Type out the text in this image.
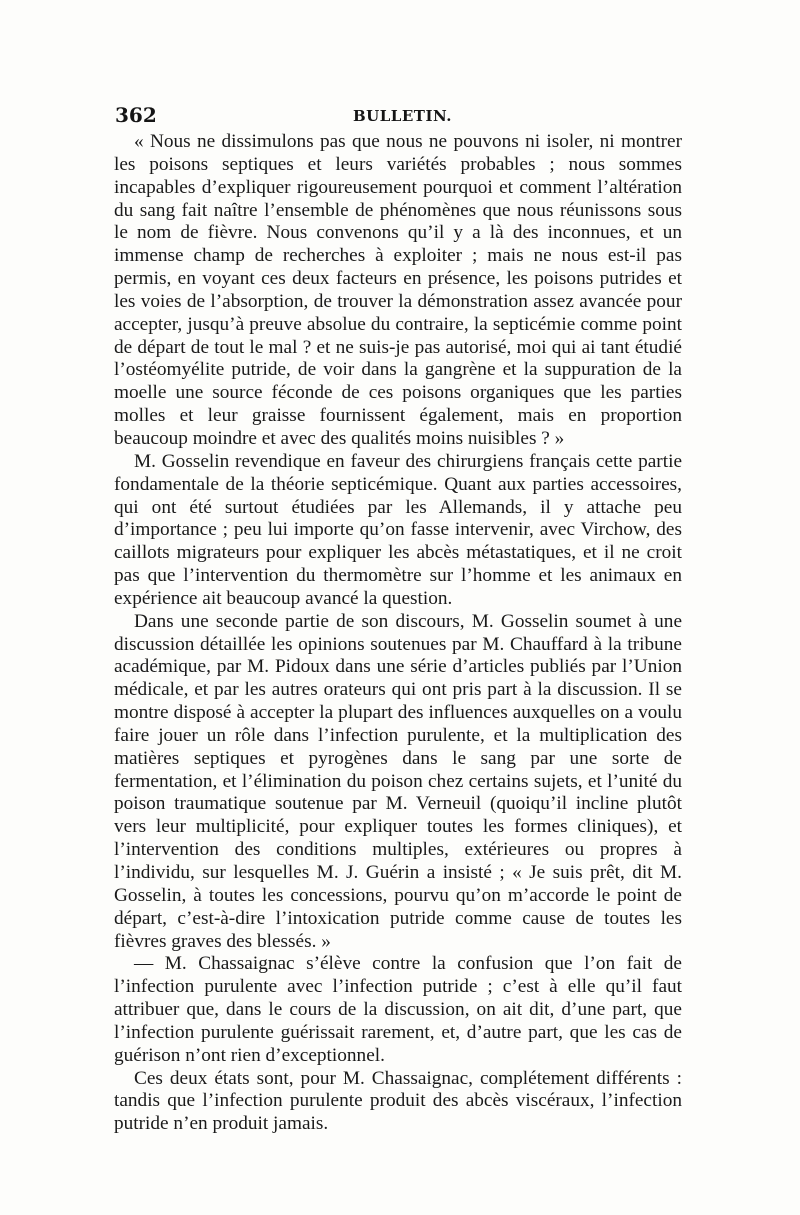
362	BULLETIN.

« Nous ne dissimulons pas que nous ne pouvons ni isoler, ni montrer les poisons septiques et leurs variétés probables ; nous sommes incapables d’expliquer rigoureusement pourquoi et comment l’altération du sang fait naître l’ensemble de phénomènes que nous réunissons sous le nom de fièvre. Nous convenons qu’il y a là des inconnues, et un immense champ de recherches à exploiter ; mais ne nous est-il pas permis, en voyant ces deux facteurs en présence, les poisons putrides et les voies de l’absorption, de trouver la démonstration assez avancée pour accepter, jusqu’à preuve absolue du contraire, la septicémie comme point de départ de tout le mal ? et ne suis-je pas autorisé, moi qui ai tant étudié l’ostéomyélite putride, de voir dans la gangrène et la suppuration de la moelle une source féconde de ces poisons organiques que les parties molles et leur graisse fournissent également, mais en proportion beaucoup moindre et avec des qualités moins nuisibles ? »

M. Gosselin revendique en faveur des chirurgiens français cette partie fondamentale de la théorie septicémique. Quant aux parties accessoires, qui ont été surtout étudiées par les Allemands, il y attache peu d’importance ; peu lui importe qu’on fasse intervenir, avec Virchow, des caillots migrateurs pour expliquer les abcès métastatiques, et il ne croit pas que l’intervention du thermomètre sur l’homme et les animaux en expérience ait beaucoup avancé la question.

Dans une seconde partie de son discours, M. Gosselin soumet à une discussion détaillée les opinions soutenues par M. Chauffard à la tribune académique, par M. Pidoux dans une série d’articles publiés par l’Union médicale, et par les autres orateurs qui ont pris part à la discussion. Il se montre disposé à accepter la plupart des influences auxquelles on a voulu faire jouer un rôle dans l’infection purulente, et la multiplication des matières septiques et pyrogènes dans le sang par une sorte de fermentation, et l’élimination du poison chez certains sujets, et l’unité du poison traumatique soutenue par M. Verneuil (quoiqu’il incline plutôt vers leur multiplicité, pour expliquer toutes les formes cliniques), et l’intervention des conditions multiples, extérieures ou propres à l’individu, sur lesquelles M. J. Guérin a insisté ; « Je suis prêt, dit M. Gosselin, à toutes les concessions, pourvu qu’on m’accorde le point de départ, c’est-à-dire l’intoxication putride comme cause de toutes les fièvres graves des blessés. »

— M. Chassaignac s’élève contre la confusion que l’on fait de l’infection purulente avec l’infection putride ; c’est à elle qu’il faut attribuer que, dans le cours de la discussion, on ait dit, d’une part, que l’infection purulente guérissait rarement, et, d’autre part, que les cas de guérison n’ont rien d’exceptionnel.

Ces deux états sont, pour M. Chassaignac, complétement différents : tandis que l’infection purulente produit des abcès viscéraux, l’infection putride n’en produit jamais.
